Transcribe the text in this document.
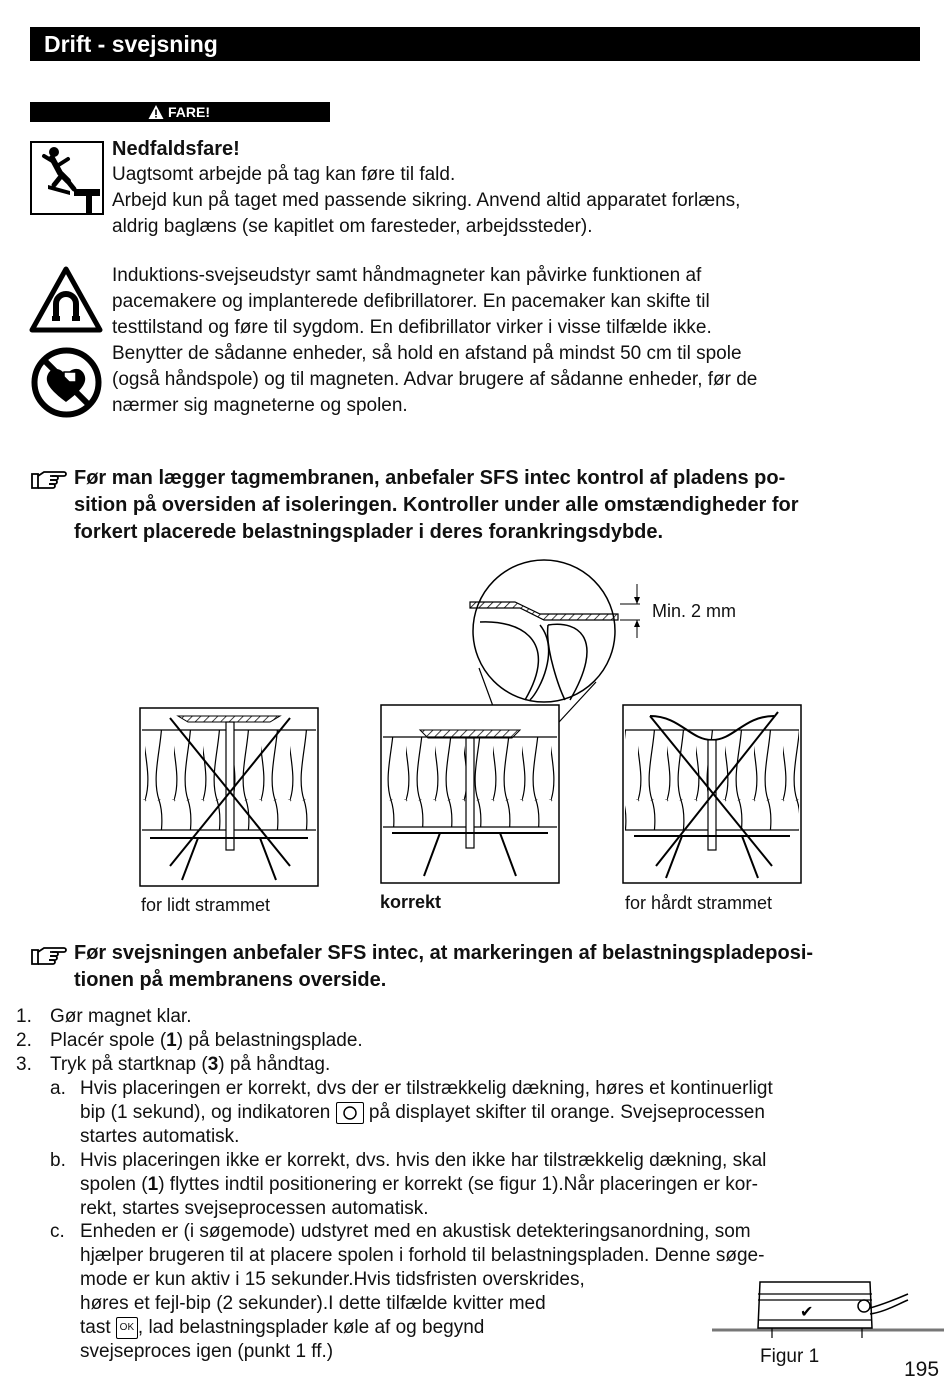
Drift - svejsning
FARE!
Nedfaldsfare!
Uagtsomt arbejde på tag kan føre til fald.
Arbejd kun på taget med passende sikring. Anvend altid apparatet forlæns,
aldrig baglæns (se kapitlet om faresteder, arbejdssteder).
Induktions-svejseudstyr samt håndmagneter kan påvirke funktionen af
pacemakere og implanterede defibrillatorer. En pacemaker kan skifte til
testtilstand og føre til sygdom. En defibrillator virker i visse tilfælde ikke.
Benytter de sådanne enheder, så hold en afstand på mindst 50 cm til spole
(også håndspole) og til magneten. Advar brugere af sådanne enheder, før de
nærmer sig magneterne og spolen.
Før man lægger tagmembranen, anbefaler SFS intec kontrol af pladens po-
sition på oversiden af isoleringen. Kontroller under alle omstændigheder for
forkert placerede belastningsplader i deres forankringsdybde.
Min. 2 mm
for lidt strammet	korrekt	for hårdt strammet
Før svejsningen anbefaler SFS intec, at markeringen af belastningspladeposi-
tionen på membranens overside.
1. Gør magnet klar.
2. Placér spole (1) på belastningsplade.
3. Tryk på startknap (3) på håndtag.
a. Hvis placeringen er korrekt, dvs der er tilstrækkelig dækning, høres et kontinuerligt
bip (1 sekund), og indikatoren på displayet skifter til orange. Svejseprocessen
startes automatisk.
b. Hvis placeringen ikke er korrekt, dvs. hvis den ikke har tilstrækkelig dækning, skal
spolen (1) flyttes indtil positionering er korrekt (se figur 1).Når placeringen er kor-
rekt, startes svejseprocessen automatisk.
c. Enheden er (i søgemode) udstyret med en akustisk detekteringsanordning, som
hjælper brugeren til at placere spolen i forhold til belastningspladen. Denne søge-
mode er kun aktiv i 15 sekunder.Hvis tidsfristen overskrides,
høres et fejl-bip (2 sekunder).I dette tilfælde kvitter med
tast OK , lad belastningsplader køle af og begynd
svejseproces igen (punkt 1 ff.)
✔
Figur 1
195
